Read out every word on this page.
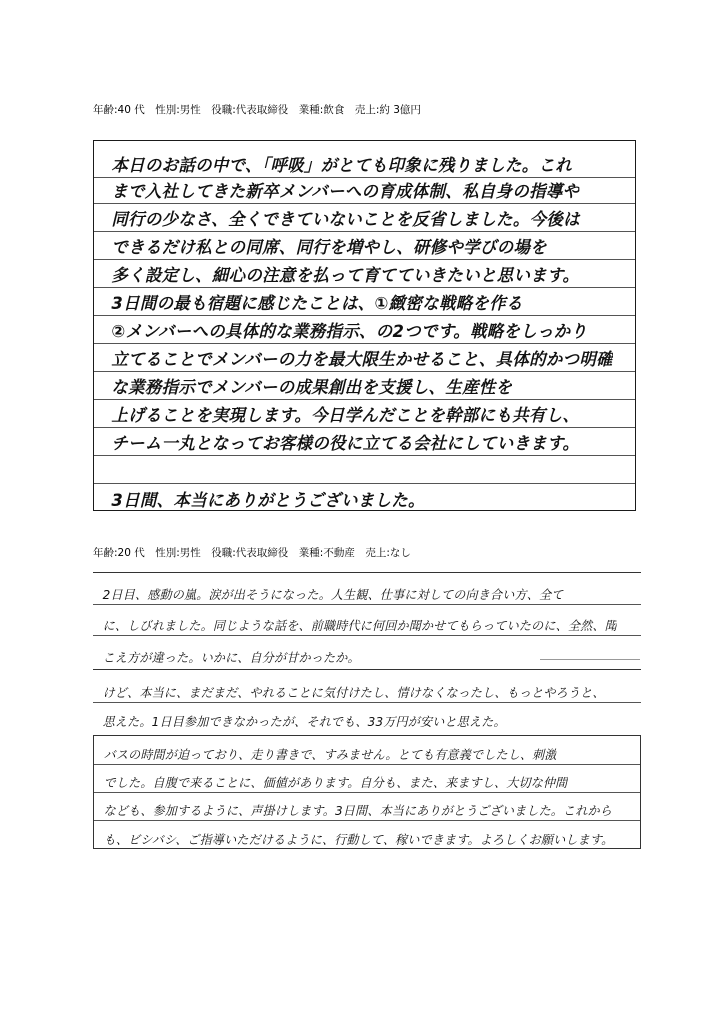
年齢:40 代　性別:男性　役職:代表取締役　業種:飲食　売上:約 3億円
本日のお話の中で、「呼吸」がとても印象に残りました。これ
まで入社してきた新卒メンバーへの育成体制、私自身の指導や
同行の少なさ、全くできていないことを反省しました。今後は
できるだけ私との同席、同行を増やし、研修や学びの場を
多く設定し、細心の注意を払って育てていきたいと思います。
3日間の最も宿題に感じたことは、①緻密な戦略を作る
②メンバーへの具体的な業務指示、の2つです。戦略をしっかり
立てることでメンバーの力を最大限生かせること、具体的かつ明確
な業務指示でメンバーの成果創出を支援し、生産性を
上げることを実現します。今日学んだことを幹部にも共有し、
チーム一丸となってお客様の役に立てる会社にしていきます。
3日間、本当にありがとうございました。
年齢:20 代　性別:男性　役職:代表取締役　業種:不動産　売上:なし
2日目、感動の嵐。涙が出そうになった。人生観、仕事に対しての向き合い方、全て
に、しびれました。同じような話を、前職時代に何回か聞かせてもらっていたのに、全然、聞
こえ方が違った。いかに、自分が甘かったか。
けど、本当に、まだまだ、やれることに気付けたし、情けなくなったし、もっとやろうと、
思えた。1日目参加できなかったが、それでも、33万円が安いと思えた。
バスの時間が迫っており、走り書きで、すみません。とても有意義でしたし、刺激
でした。自腹で来ることに、価値があります。自分も、また、来ますし、大切な仲間
なども、参加するように、声掛けします。3日間、本当にありがとうございました。これから
も、ビシバシ、ご指導いただけるように、行動して、稼いできます。よろしくお願いします。
